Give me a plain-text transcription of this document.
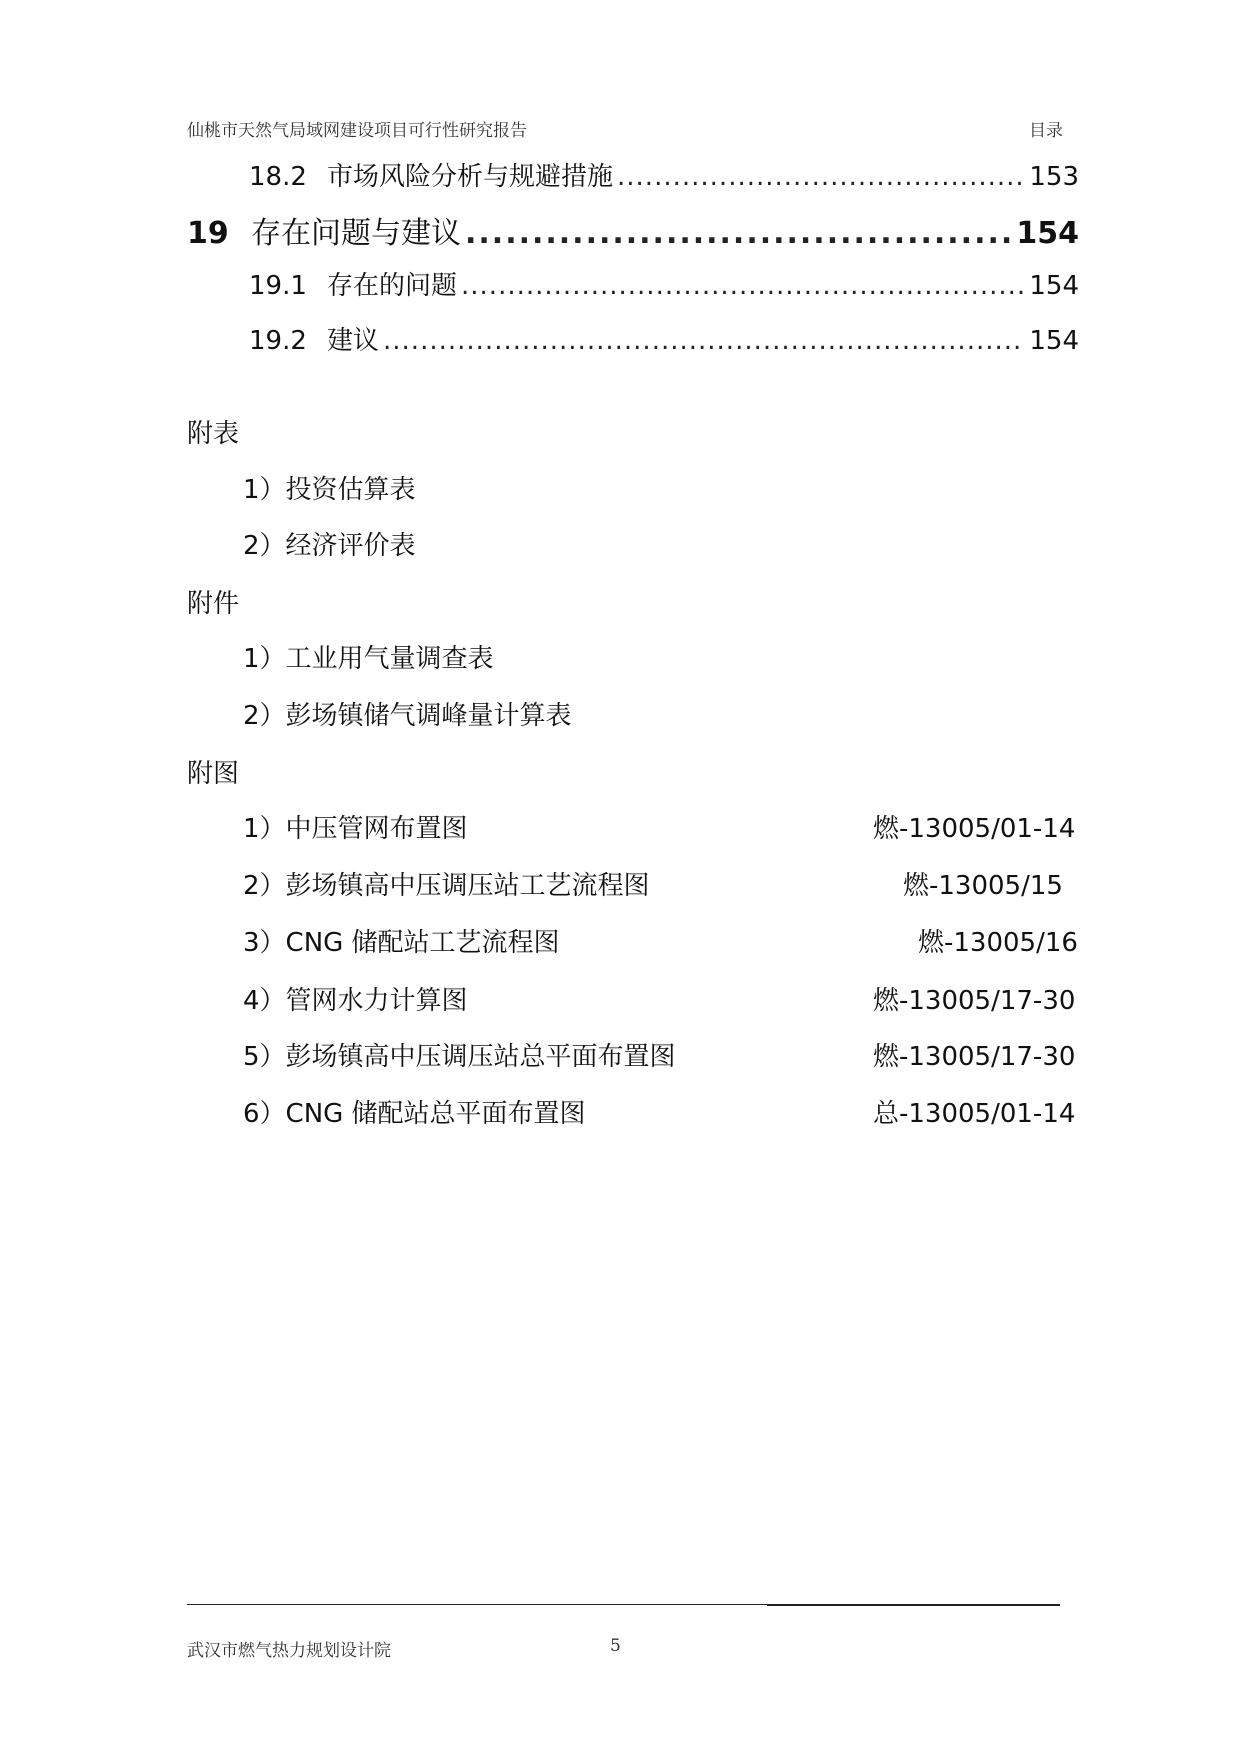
仙桃市天然气局域网建设项目可行性研究报告	目录
18.2 市场风险分析与规避措施 .....	153
19 存在问题与建议 .....	154
19.1 存在的问题 .....	154
19.2 建议 .....	154
附表
1）投资估算表
2）经济评价表
附件
1）工业用气量调查表
2）彭场镇储气调峰量计算表
附图
1）中压管网布置图	燃-13005/01-14
2）彭场镇高中压调压站工艺流程图	燃-13005/15
3）CNG 储配站工艺流程图	燃-13005/16
4）管网水力计算图	燃-13005/17-30
5）彭场镇高中压调压站总平面布置图	燃-13005/17-30
6）CNG 储配站总平面布置图	总-13005/01-14
武汉市燃气热力规划设计院	5
